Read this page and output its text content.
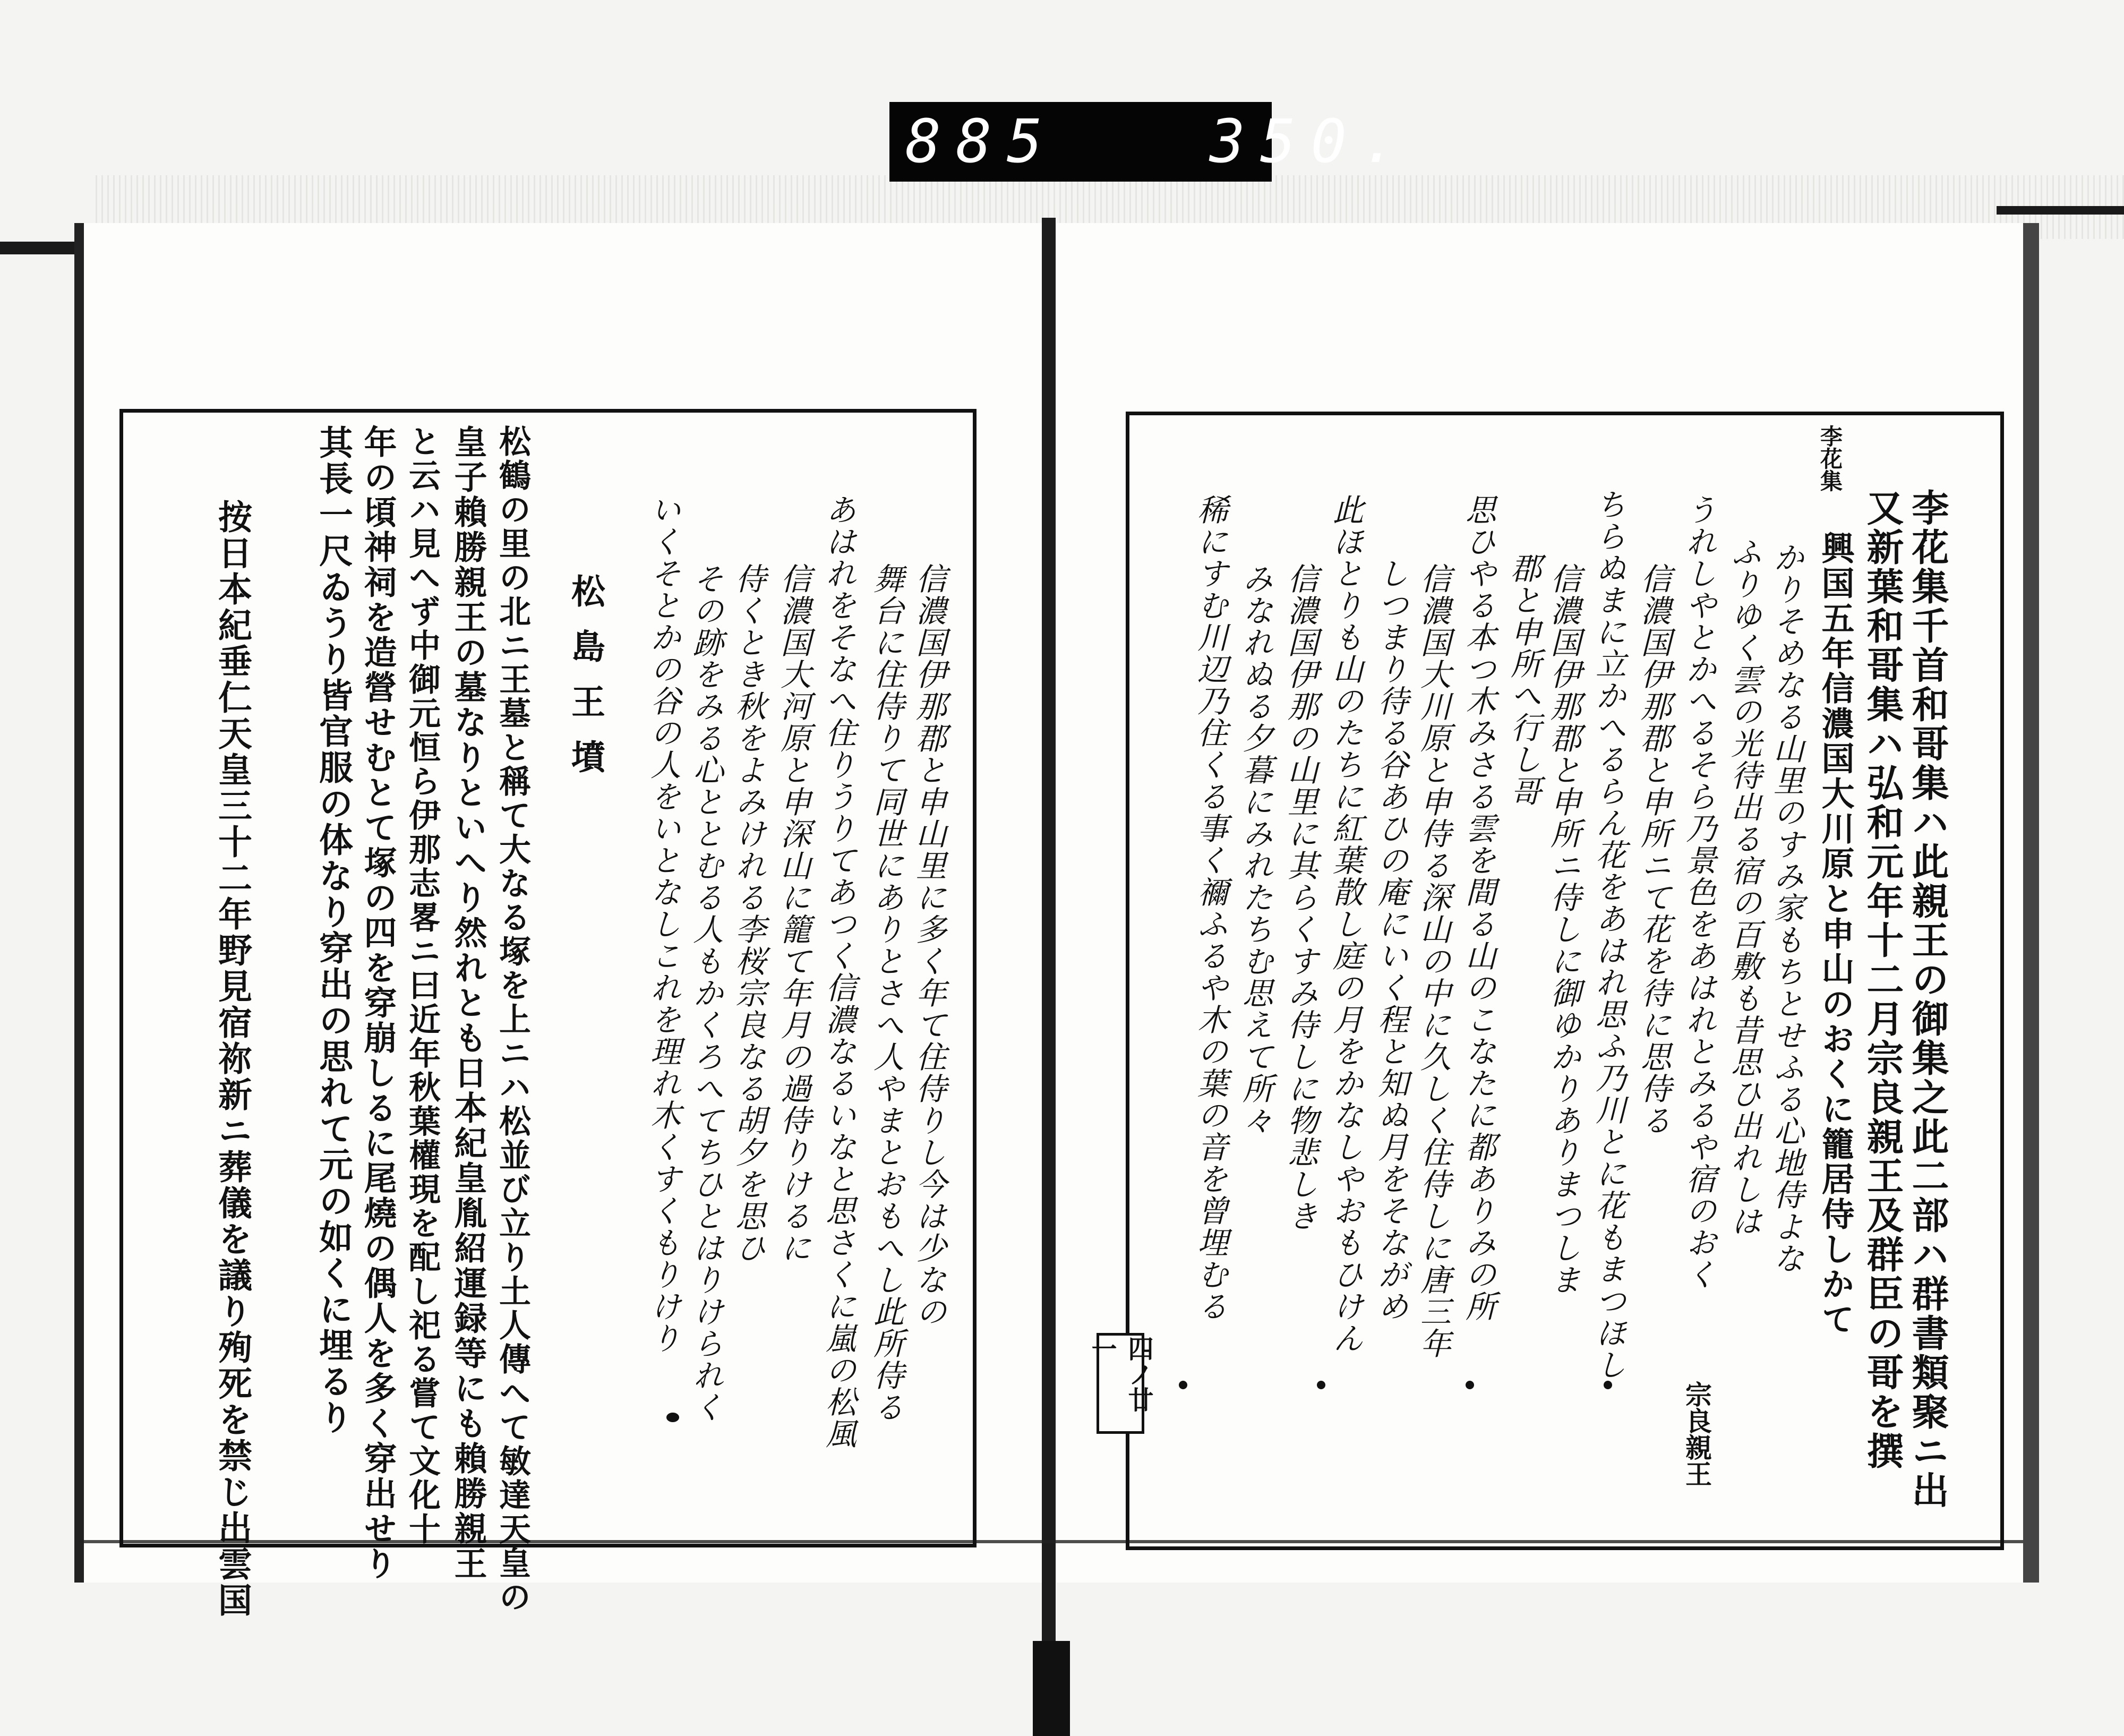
885	350.
李花集千首和哥集ハ此親王の御集之此二部ハ群書類聚ニ出
又新葉和哥集ハ弘和元年十二月宗良親王及群臣の哥を撰
李花集
興国五年信濃国大川原と申山のおくに籠居侍しかて
かりそめなる山里のすみ家もちとせふる心地侍よな
ふりゆく雲の光待出る宿の百敷も昔思ひ出れしは
うれしやとかへるそら乃景色をあはれとみるや宿のおく
宗良親王
信濃国伊那郡と申所ニて花を待に思侍る
ちらぬまに立かへるらん花をあはれ思ふ乃川とに花もまつほし
信濃国伊那郡と申所ニ侍しに御ゆかりありまつしま
郡と申所へ行し哥
思ひやる本つ木みさる雲を間る山のこなたに都ありみの所
信濃国大川原と申侍る深山の中に久しく住侍しに唐三年
しつまり待る谷あひの庵にいく程と知ぬ月をそながめ
此ほとりも山のたちに紅葉散し庭の月をかなしやおもひけん
信濃国伊那の山里に其らくすみ侍しに物悲しき
みなれぬる夕暮にみれたちむ思えて所々
稀にすむ川辺乃住くる事く禰ふるや木の葉の音を曾埋むる
四ノ廿一
信濃国伊那郡と申山里に多く年て住侍りし今は少なの
舞台に住侍りて同世にありとさへ人やまとおもへし此所侍る
あはれをそなへ住りうりてあつく信濃なるいなと思さくに嵐の松風
信濃国大河原と申深山に籠て年月の過侍りけるに
侍くとき秋をよみけれる李桜宗良なる胡夕を思ひ
その跡をみる心ととむる人もかくろへてちひとはりけられく
いくそとかの谷の人をいとなしこれを理れ木くすくもりけり
松島王墳
松鶴の里の北ニ王墓と稱て大なる塚を上ニハ松並び立り土人傳へて敏達天皇の
皇子賴勝親王の墓なりといへり然れとも日本紀皇胤紹運録等にも賴勝親王
と云ハ見へず中御元恒ら伊那志畧ニ曰近年秋葉權現を配し祀る嘗て文化十
年の頃神祠を造營せむとて塚の四を穿崩しるに尾燒の偶人を多く穿出せり
其長一尺ゐうり皆官服の体なり穿出の思れて元の如くに埋るり
按日本紀垂仁天皇三十二年野見宿祢新ニ葬儀を議り殉死を禁じ出雲国
